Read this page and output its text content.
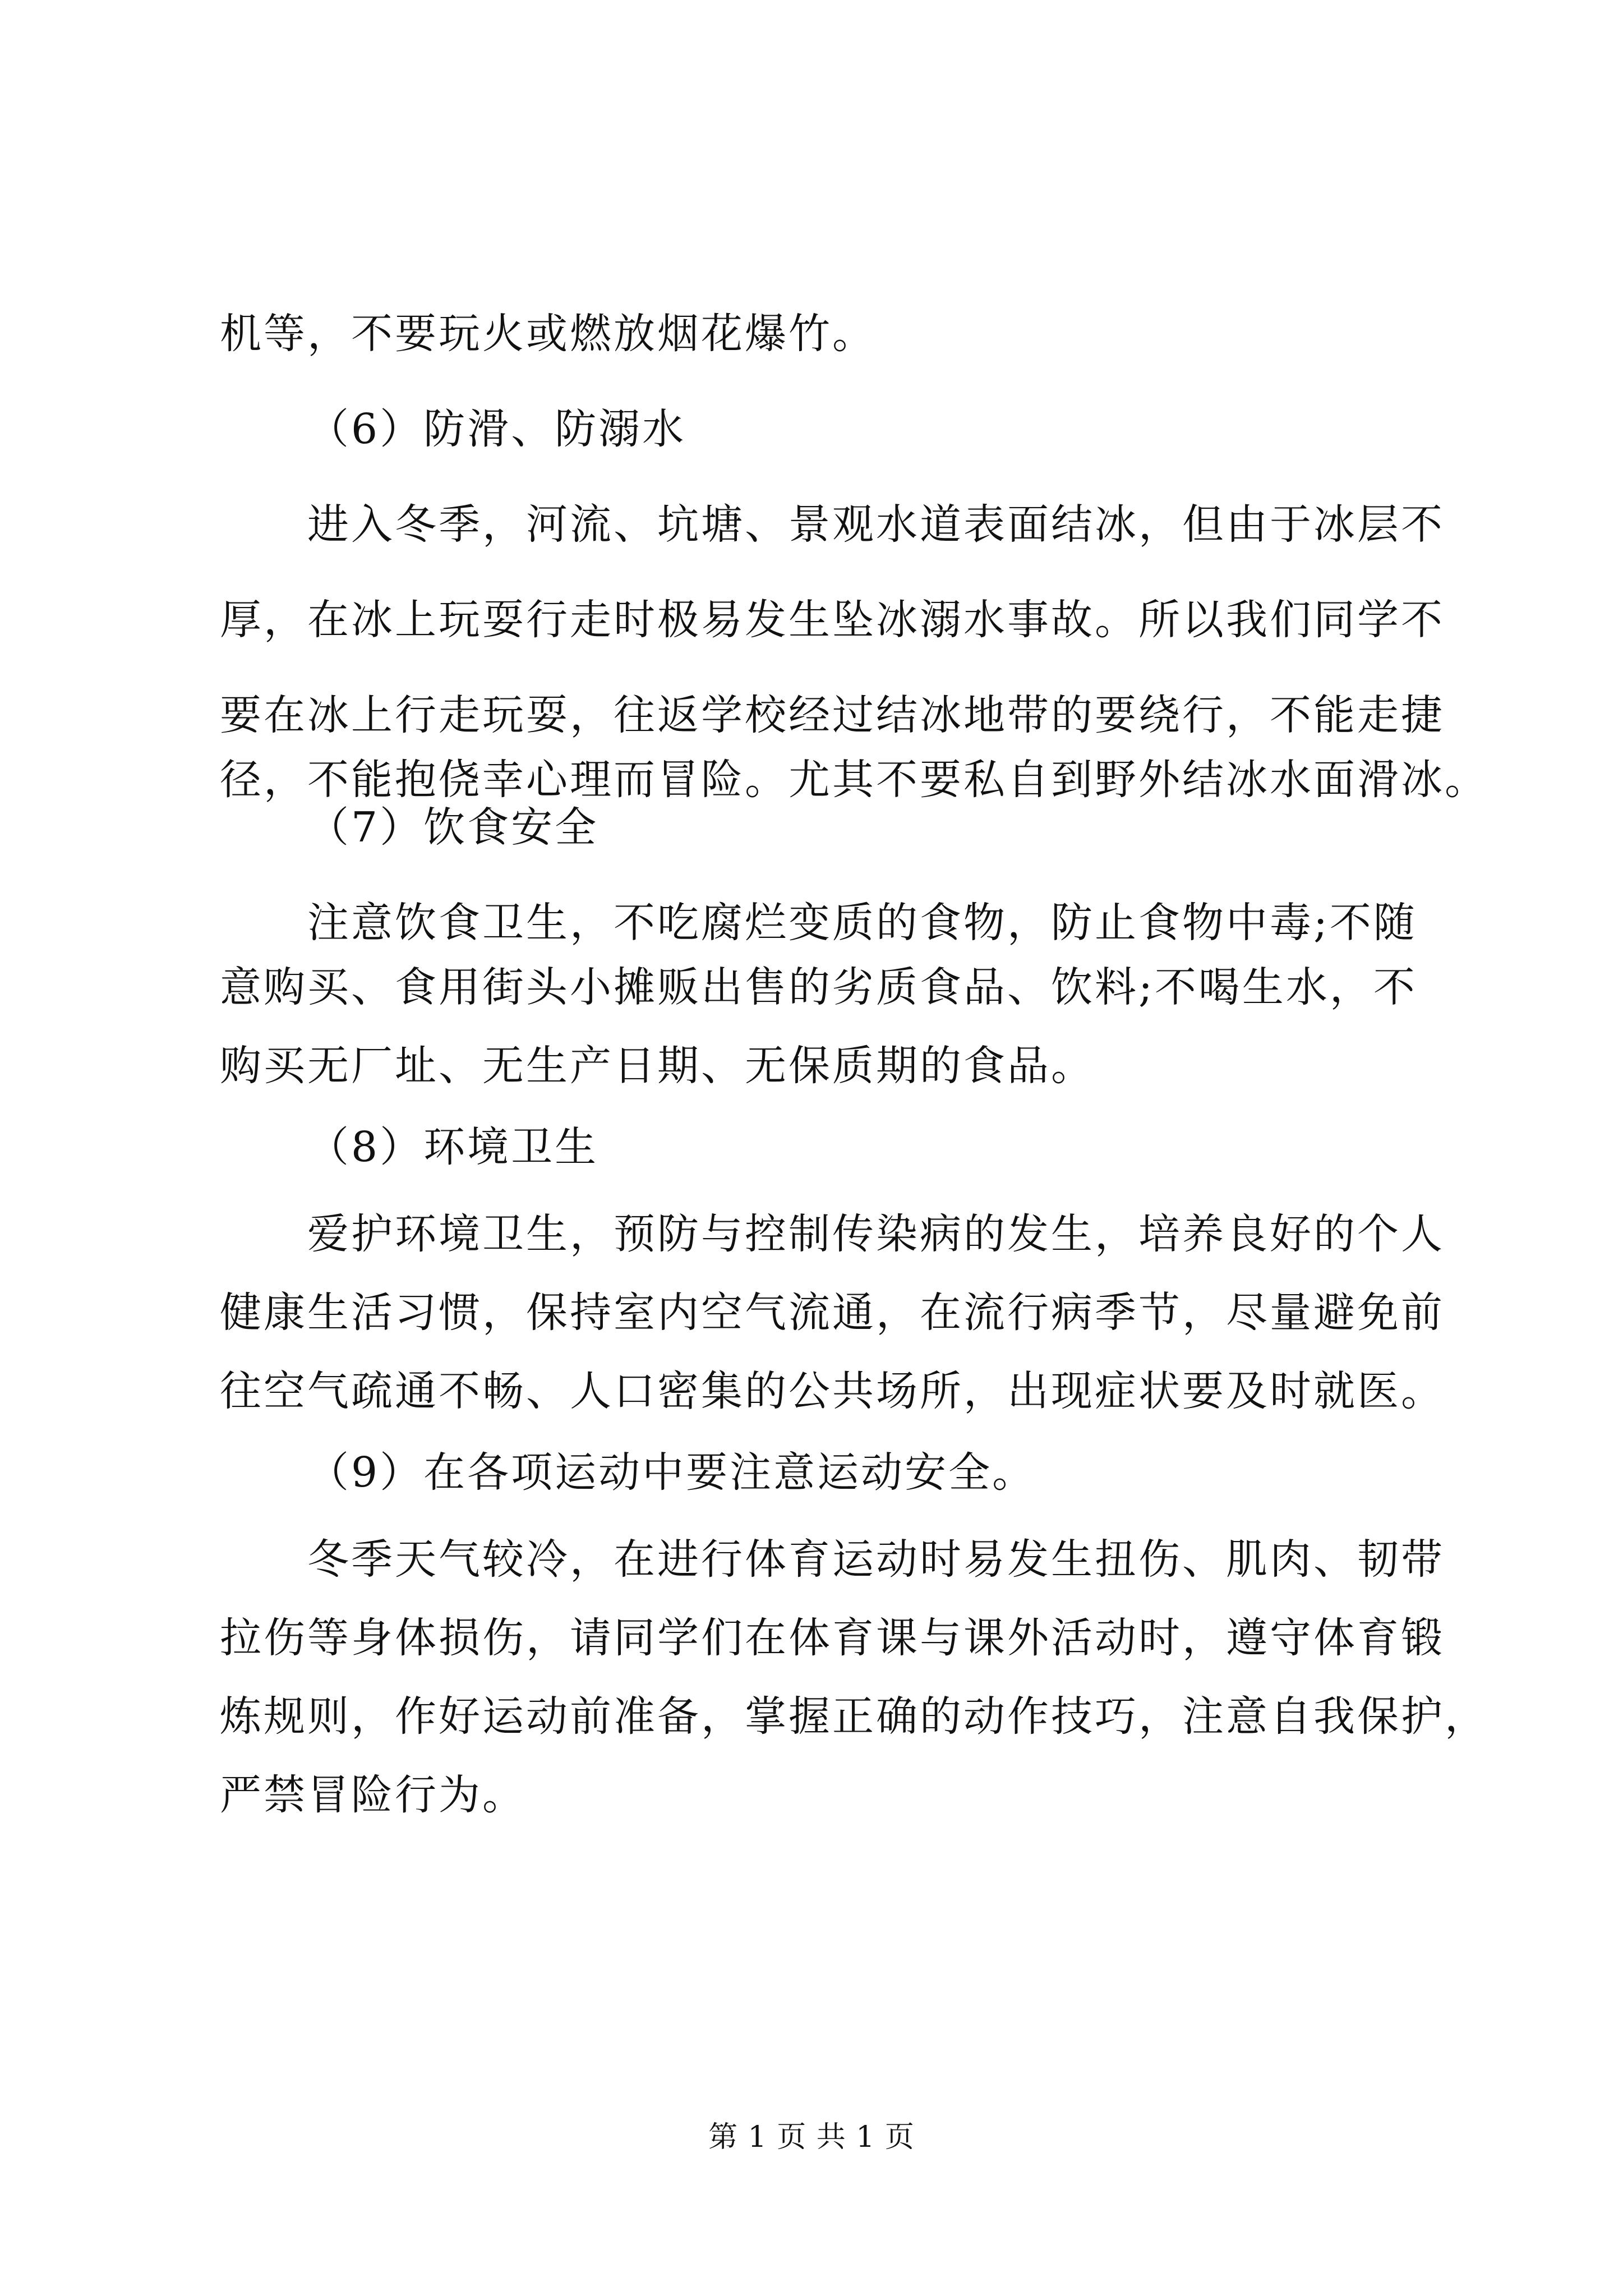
机等，不要玩火或燃放烟花爆竹。
（6）防滑、防溺水
进入冬季，河流、坑塘、景观水道表面结冰，但由于冰层不
厚，在冰上玩耍行走时极易发生坠冰溺水事故。所以我们同学不
要在冰上行走玩耍，往返学校经过结冰地带的要绕行，不能走捷
径，不能抱侥幸心理而冒险。尤其不要私自到野外结冰水面滑冰。
（7）饮食安全
注意饮食卫生，不吃腐烂变质的食物，防止食物中毒;不随
意购买、食用街头小摊贩出售的劣质食品、饮料;不喝生水，不
购买无厂址、无生产日期、无保质期的食品。
（8）环境卫生
爱护环境卫生，预防与控制传染病的发生，培养良好的个人
健康生活习惯，保持室内空气流通，在流行病季节，尽量避免前
往空气疏通不畅、人口密集的公共场所，出现症状要及时就医。
（9）在各项运动中要注意运动安全。
冬季天气较冷，在进行体育运动时易发生扭伤、肌肉、韧带
拉伤等身体损伤，请同学们在体育课与课外活动时，遵守体育锻
炼规则，作好运动前准备，掌握正确的动作技巧，注意自我保护，
严禁冒险行为。
第 1 页 共 1 页
